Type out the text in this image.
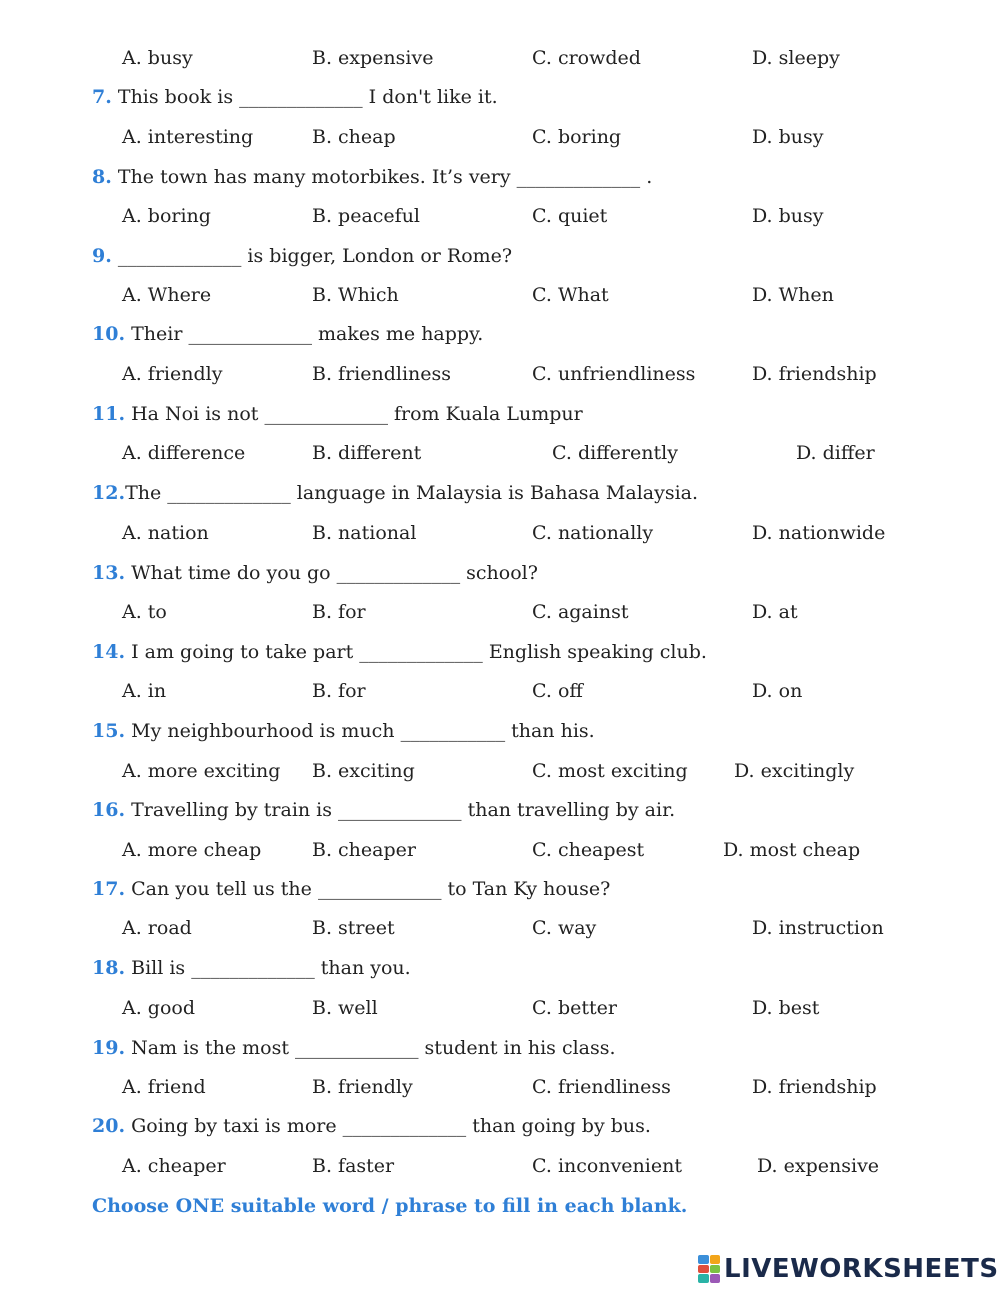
A. busy	B. expensive	C. crowded	D. sleepy
7. This book is _____________ I don't like it.
A. interesting	B. cheap	C. boring	D. busy
8. The town has many motorbikes. It’s very _____________ .
A. boring	B. peaceful	C. quiet	D. busy
9. _____________ is bigger, London or Rome?
A. Where	B. Which	C. What	D. When
10. Their _____________ makes me happy.
A. friendly	B. friendliness	C. unfriendliness	D. friendship
11. Ha Noi is not _____________ from Kuala Lumpur
A. difference	B. different	C. differently	D. differ
12.The _____________ language in Malaysia is Bahasa Malaysia.
A. nation	B. national	C. nationally	D. nationwide
13. What time do you go _____________ school?
A. to	B. for	C. against	D. at
14. I am going to take part _____________ English speaking club.
A. in	B. for	C. off	D. on
15. My neighbourhood is much ___________ than his.
A. more exciting B. exciting	C. most exciting D. excitingly
16. Travelling by train is _____________ than travelling by air.
A. more cheap	B. cheaper	C. cheapest	D. most cheap
17. Can you tell us the _____________ to Tan Ky house?
A. road	B. street	C. way	D. instruction
18. Bill is _____________ than you.
A. good	B. well	C. better	D. best
19. Nam is the most _____________ student in his class.
A. friend	B. friendly	C. friendliness	D. friendship
20. Going by taxi is more _____________ than going by bus.
A. cheaper	B. faster	C. inconvenient	D. expensive
Choose ONE suitable word / phrase to fill in each blank.
LIVEWORKSHEETS
